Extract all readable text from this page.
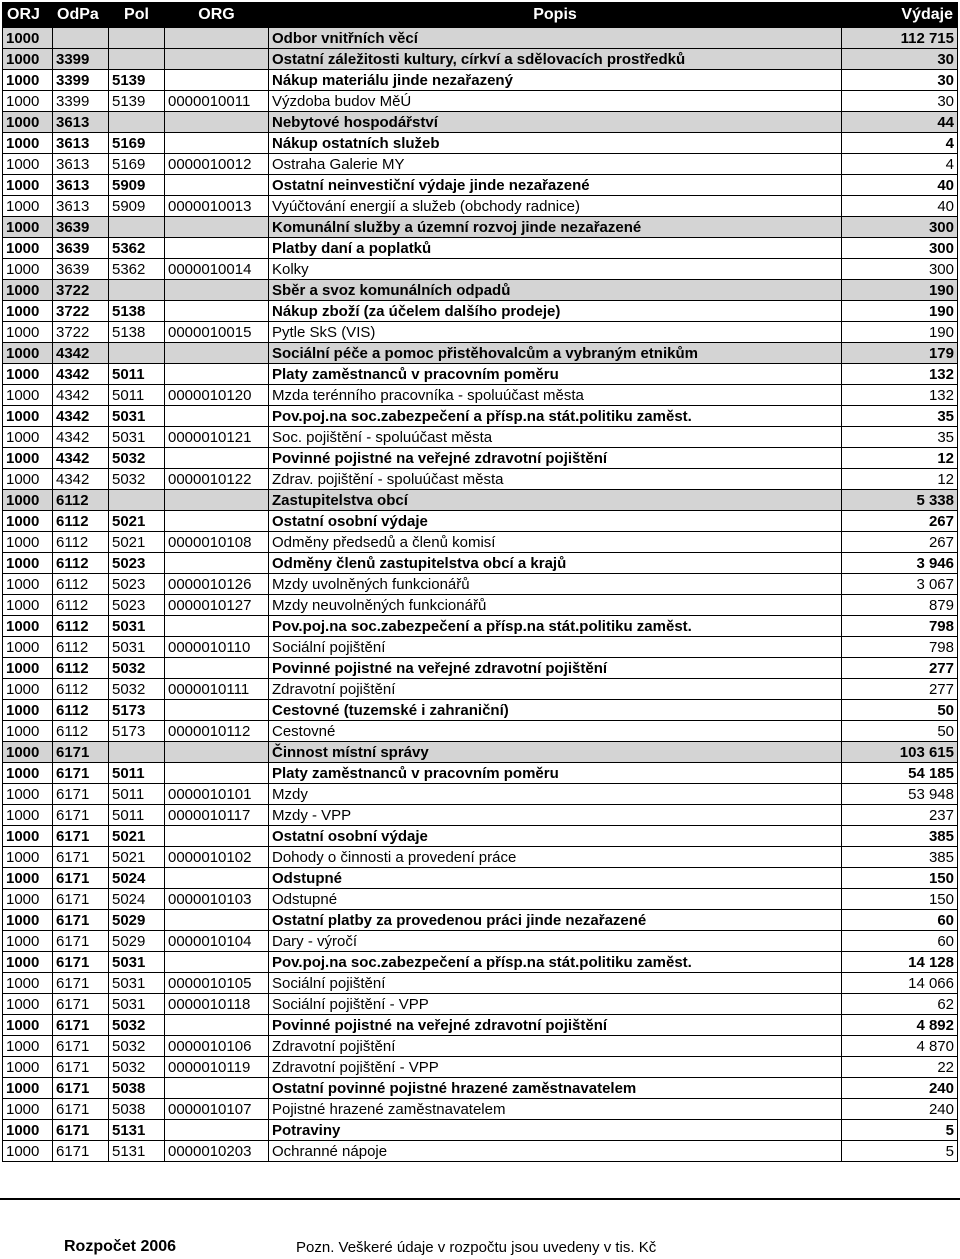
ORJ	OdPa	Pol	ORG	Popis	Výdaje
1000				Odbor vnitřních věcí	112 715
1000	3399			Ostatní záležitosti kultury, církví a sdělovacích prostředků	30
1000	3399	5139		Nákup materiálu jinde nezařazený	30
1000	3399	5139	0000010011	Výzdoba budov MěÚ	30
1000	3613			Nebytové hospodářství	44
1000	3613	5169		Nákup ostatních služeb	4
1000	3613	5169	0000010012	Ostraha Galerie MY	4
1000	3613	5909		Ostatní neinvestiční výdaje jinde nezařazené	40
1000	3613	5909	0000010013	Vyúčtování energií a služeb (obchody radnice)	40
1000	3639			Komunální služby a územní rozvoj jinde nezařazené	300
1000	3639	5362		Platby daní a poplatků	300
1000	3639	5362	0000010014	Kolky	300
1000	3722			Sběr a svoz komunálních odpadů	190
1000	3722	5138		Nákup zboží (za účelem dalšího prodeje)	190
1000	3722	5138	0000010015	Pytle SkS (VIS)	190
1000	4342			Sociální péče a pomoc přistěhovalcům a vybraným etnikům	179
1000	4342	5011		Platy zaměstnanců v pracovním poměru	132
1000	4342	5011	0000010120	Mzda terénního pracovníka - spoluúčast města	132
1000	4342	5031		Pov.poj.na soc.zabezpečení a přísp.na stát.politiku zaměst.	35
1000	4342	5031	0000010121	Soc. pojištění - spoluúčast města	35
1000	4342	5032		Povinné pojistné na veřejné zdravotní pojištění	12
1000	4342	5032	0000010122	Zdrav. pojištění - spoluúčast města	12
1000	6112			Zastupitelstva obcí	5 338
1000	6112	5021		Ostatní osobní výdaje	267
1000	6112	5021	0000010108	Odměny předsedů a členů komisí	267
1000	6112	5023		Odměny členů zastupitelstva obcí a krajů	3 946
1000	6112	5023	0000010126	Mzdy uvolněných funkcionářů	3 067
1000	6112	5023	0000010127	Mzdy neuvolněných funkcionářů	879
1000	6112	5031		Pov.poj.na soc.zabezpečení a přísp.na stát.politiku zaměst.	798
1000	6112	5031	0000010110	Sociální pojištění	798
1000	6112	5032		Povinné pojistné na veřejné zdravotní pojištění	277
1000	6112	5032	0000010111	Zdravotní pojištění	277
1000	6112	5173		Cestovné (tuzemské i zahraniční)	50
1000	6112	5173	0000010112	Cestovné	50
1000	6171			Činnost místní správy	103 615
1000	6171	5011		Platy zaměstnanců v pracovním poměru	54 185
1000	6171	5011	0000010101	Mzdy	53 948
1000	6171	5011	0000010117	Mzdy - VPP	237
1000	6171	5021		Ostatní osobní výdaje	385
1000	6171	5021	0000010102	Dohody o činnosti a provedení práce	385
1000	6171	5024		Odstupné	150
1000	6171	5024	0000010103	Odstupné	150
1000	6171	5029		Ostatní platby za provedenou práci jinde nezařazené	60
1000	6171	5029	0000010104	Dary - výročí	60
1000	6171	5031		Pov.poj.na soc.zabezpečení a přísp.na stát.politiku zaměst.	14 128
1000	6171	5031	0000010105	Sociální pojištění	14 066
1000	6171	5031	0000010118	Sociální pojištění - VPP	62
1000	6171	5032		Povinné pojistné na veřejné zdravotní pojištění	4 892
1000	6171	5032	0000010106	Zdravotní pojištění	4 870
1000	6171	5032	0000010119	Zdravotní pojištění - VPP	22
1000	6171	5038		Ostatní povinné pojistné hrazené zaměstnavatelem	240
1000	6171	5038	0000010107	Pojistné hrazené zaměstnavatelem	240
1000	6171	5131		Potraviny	5
1000	6171	5131	0000010203	Ochranné nápoje	5
Rozpočet 2006	Pozn. Veškeré údaje v rozpočtu jsou uvedeny v tis. Kč
